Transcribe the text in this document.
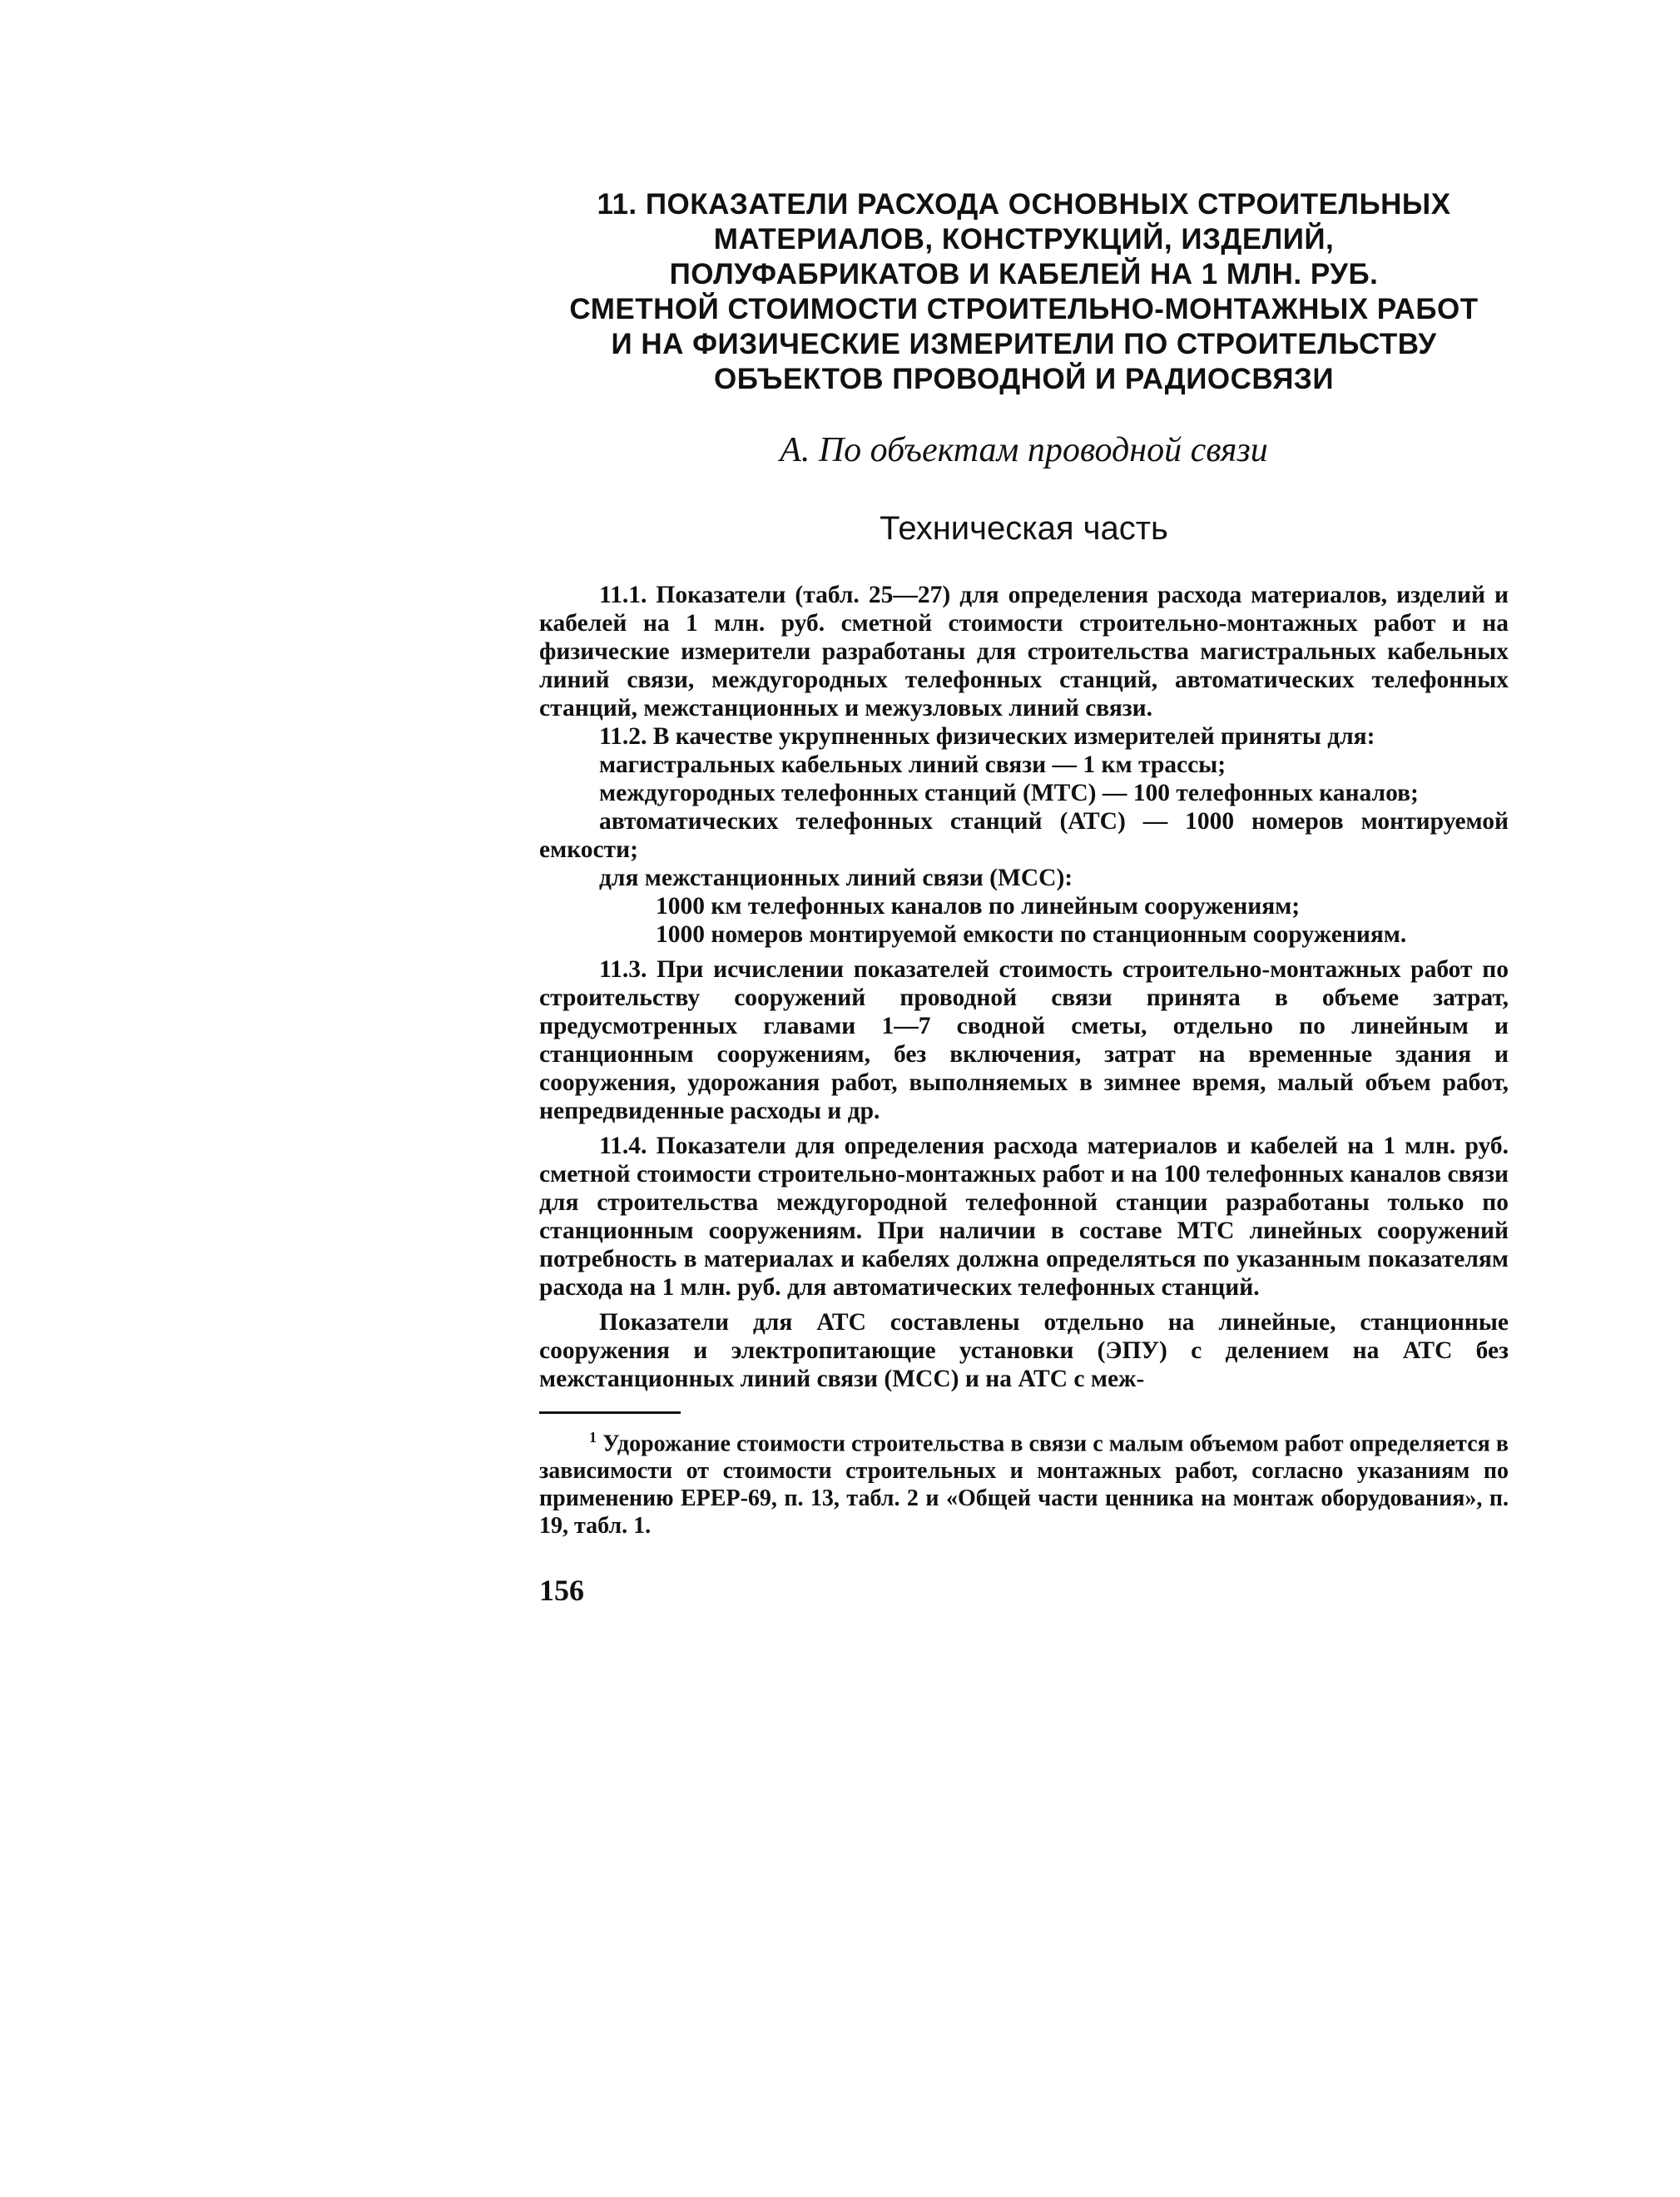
11. ПОКАЗАТЕЛИ РАСХОДА ОСНОВНЫХ СТРОИТЕЛЬНЫХ
МАТЕРИАЛОВ, КОНСТРУКЦИЙ, ИЗДЕЛИЙ,
ПОЛУФАБРИКАТОВ И КАБЕЛЕЙ НА 1 МЛН. РУБ.
СМЕТНОЙ СТОИМОСТИ СТРОИТЕЛЬНО-МОНТАЖНЫХ РАБОТ
И НА ФИЗИЧЕСКИЕ ИЗМЕРИТЕЛИ ПО СТРОИТЕЛЬСТВУ
ОБЪЕКТОВ ПРОВОДНОЙ И РАДИОСВЯЗИ
А. По объектам проводной связи
Техническая часть

11.1. Показатели (табл. 25—27) для определения расхода материалов, изделий и кабелей на 1 млн. руб. сметной стоимости строительно-монтажных работ и на физические измерители разработаны для строительства магистральных кабельных линий связи, междугородных телефонных станций, автоматических телефонных станций, межстанционных и межузловых линий связи.

11.2. В качестве укрупненных физических измерителей приняты для:

магистральных кабельных линий связи — 1 км трассы;

междугородных телефонных станций (МТС) — 100 телефонных каналов;

автоматических телефонных станций (АТС) — 1000 номеров монтируемой емкости;

для межстанционных линий связи (МСС):

1000 км телефонных каналов по линейным сооружениям;

1000 номеров монтируемой емкости по станционным сооружениям.

11.3. При исчислении показателей стоимость строительно-монтажных работ по строительству сооружений проводной связи принята в объеме затрат, предусмотренных главами 1—7 сводной сметы, отдельно по линейным и станционным сооружениям, без включения, затрат на временные здания и сооружения, удорожания работ, выполняемых в зимнее время, малый объем работ, непредвиденные расходы и др.

11.4. Показатели для определения расхода материалов и кабелей на 1 млн. руб. сметной стоимости строительно-монтажных работ и на 100 телефонных каналов связи для строительства междугородной телефонной станции разработаны только по станционным сооружениям. При наличии в составе МТС линейных сооружений потребность в материалах и кабелях должна определяться по указанным показателям расхода на 1 млн. руб. для автоматических телефонных станций.

Показатели для АТС составлены отдельно на линейные, станционные сооружения и электропитающие установки (ЭПУ) с делением на АТС без межстанционных линий связи (МСС) и на АТС с меж-

$^1$ Удорожание стоимости строительства в связи с малым объемом работ определяется в зависимости от стоимости строительных и монтажных работ, согласно указаниям по применению ЕРЕР-69, п. 13, табл. 2 и «Общей части ценника на монтаж оборудования», п. 19, табл. 1.

156
